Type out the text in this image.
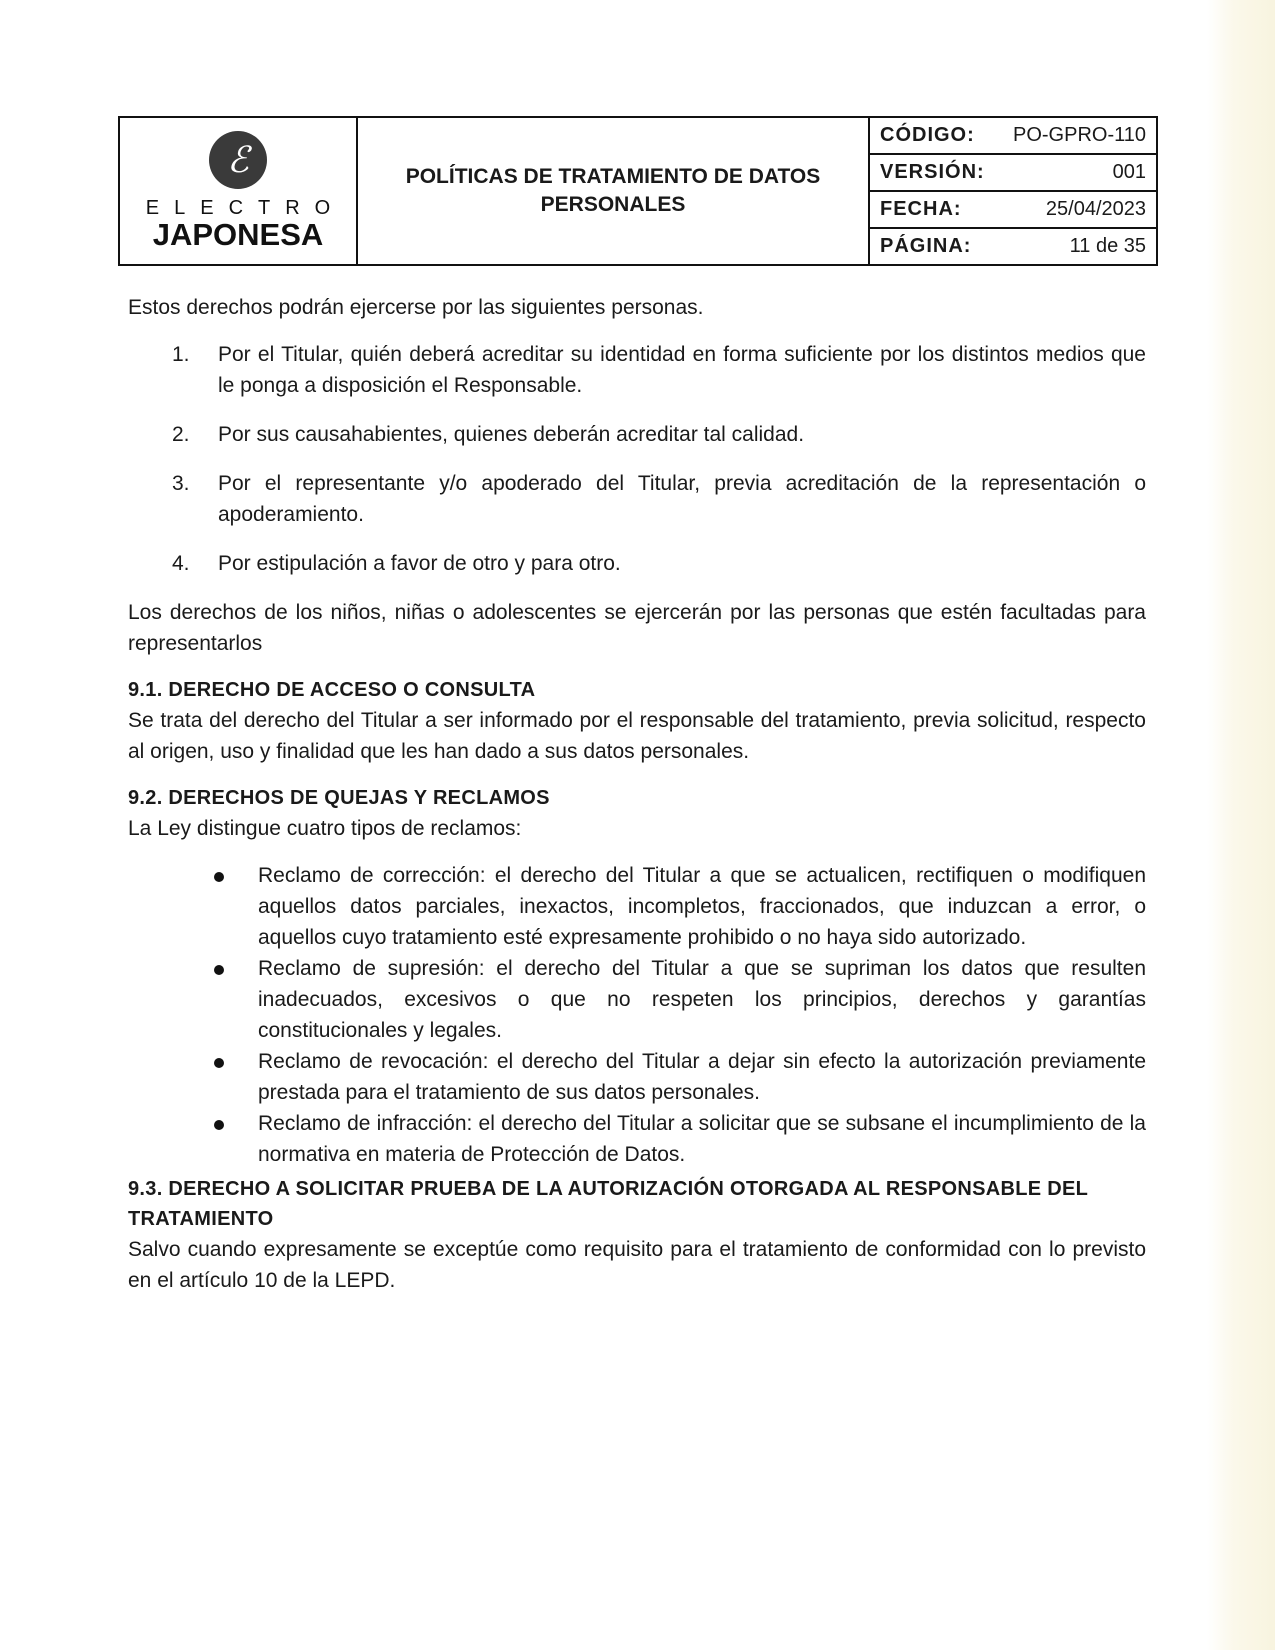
ℰ
ELECTRO
JAPONESA
POLÍTICAS DE TRATAMIENTO DE DATOS PERSONALES
CÓDIGO: PO-GPRO-110
VERSIÓN:	001
FECHA:	25/04/2023
PÁGINA:	11 de 35

Estos derechos podrán ejercerse por las siguientes personas.

1.	Por el Titular, quién deberá acreditar su identidad en forma suficiente por los distintos medios que le ponga a disposición el Responsable.
2.	Por sus causahabientes, quienes deberán acreditar tal calidad.
3.	Por el representante y/o apoderado del Titular, previa acreditación de la representación o apoderamiento.
4.	Por estipulación a favor de otro y para otro.

Los derechos de los niños, niñas o adolescentes se ejercerán por las personas que estén facultadas para representarlos

9.1. DERECHO DE ACCESO O CONSULTA

Se trata del derecho del Titular a ser informado por el responsable del tratamiento, previa solicitud, respecto al origen, uso y finalidad que les han dado a sus datos personales.

9.2. DERECHOS DE QUEJAS Y RECLAMOS

La Ley distingue cuatro tipos de reclamos:

Reclamo de corrección: el derecho del Titular a que se actualicen, rectifiquen o modifiquen aquellos datos parciales, inexactos, incompletos, fraccionados, que induzcan a error, o aquellos cuyo tratamiento esté expresamente prohibido o no haya sido autorizado.
Reclamo de supresión: el derecho del Titular a que se supriman los datos que resulten inadecuados, excesivos o que no respeten los principios, derechos y garantías constitucionales y legales.
Reclamo de revocación: el derecho del Titular a dejar sin efecto la autorización previamente prestada para el tratamiento de sus datos personales.
Reclamo de infracción: el derecho del Titular a solicitar que se subsane el incumplimiento de la normativa en materia de Protección de Datos.
9.3. DERECHO A SOLICITAR PRUEBA DE LA AUTORIZACIÓN OTORGADA AL RESPONSABLE DEL TRATAMIENTO

Salvo cuando expresamente se exceptúe como requisito para el tratamiento de conformidad con lo previsto en el artículo 10 de la LEPD.
